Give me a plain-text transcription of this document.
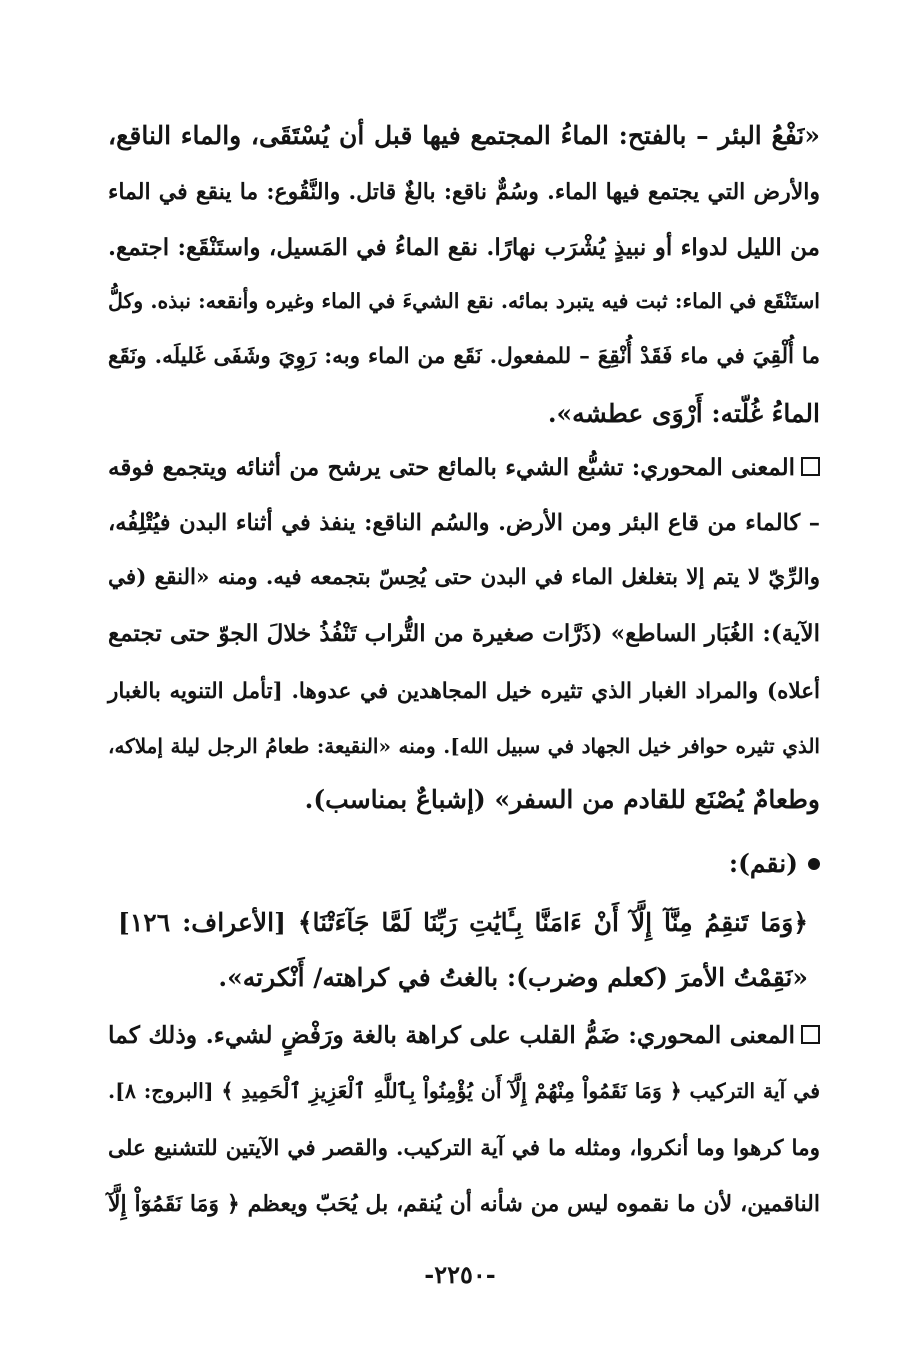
«نَفْعُ البئر – بالفتح: الماءُ المجتمع فيها قبل أن يُسْتَقَى، والماء الناقع،
والأرض التي يجتمع فيها الماء. وسُمٌّ ناقع: بالغٌ قاتل. والنَّقُوع: ما ينقع في الماء
من الليل لدواء أو نبيذٍ يُشْرَب نهارًا. نقع الماءُ في المَسيل، واستَنْقَع: اجتمع.
استَنْقَع في الماء: ثبت فيه يتبرد بمائه. نقع الشيءَ في الماء وغيره وأنقعه: نبذه. وكلُّ
ما أُلْقِيَ في ماء فَقَدْ أُنْقِعَ – للمفعول. نَقَع من الماء وبه: رَوِيَ وشَفَى غَليلَه. ونَقَع
الماءُ غُلّته: أَرْوَى عطشه».
المعنى المحوري: تشبُّع الشيء بالمائع حتى يرشح من أثنائه ويتجمع فوقه
– كالماء من قاع البئر ومن الأرض. والسُم الناقع: ينفذ في أثناء البدن فيُتْلِفُه،
والرِّيّ لا يتم إلا بتغلغل الماء في البدن حتى يُحِسّ بتجمعه فيه. ومنه «النقع (في
الآية): الغُبَار الساطع» (ذَرَّات صغيرة من التُّراب تَنْفُذُ خلالَ الجوّ حتى تجتمع
أعلاه) والمراد الغبار الذي تثيره خيل المجاهدين في عدوها. [تأمل التنويه بالغبار
الذي تثيره حوافر خيل الجهاد في سبيل الله]. ومنه «النقيعة: طعامُ الرجل ليلة إملاكه،
وطعامٌ يُصْنَع للقادم من السفر» (إشباعٌ بمناسب).
(نقم):
﴿وَمَا تَنقِمُ مِنَّآ إِلَّآ أَنْ ءَامَنَّا بِـَٔايَٰتِ رَبِّنَا لَمَّا جَآءَتْنَا﴾ [الأعراف: ١٢٦]
«نَقِمْتُ الأمرَ (كعلم وضرب): بالغتُ في كراهته/ أَنْكرته».
المعنى المحوري: ضَمُّ القلب على كراهة بالغة ورَفْضٍ لشيء. وذلك كما
في آية التركيب ﴿ وَمَا نَقَمُواْ مِنْهُمْ إِلَّآ أَن يُؤْمِنُواْ بِٱللَّهِ ٱلْعَزِيزِ ٱلْحَمِيدِ ﴾ [البروج: ٨].
وما كرهوا وما أنكروا، ومثله ما في آية التركيب. والقصر في الآيتين للتشنيع على
الناقمين، لأن ما نقموه ليس من شأنه أن يُنقم، بل يُحَبّ ويعظم ﴿ وَمَا نَقَمُوٓاْ إِلَّآ
-٢٢٥٠-
